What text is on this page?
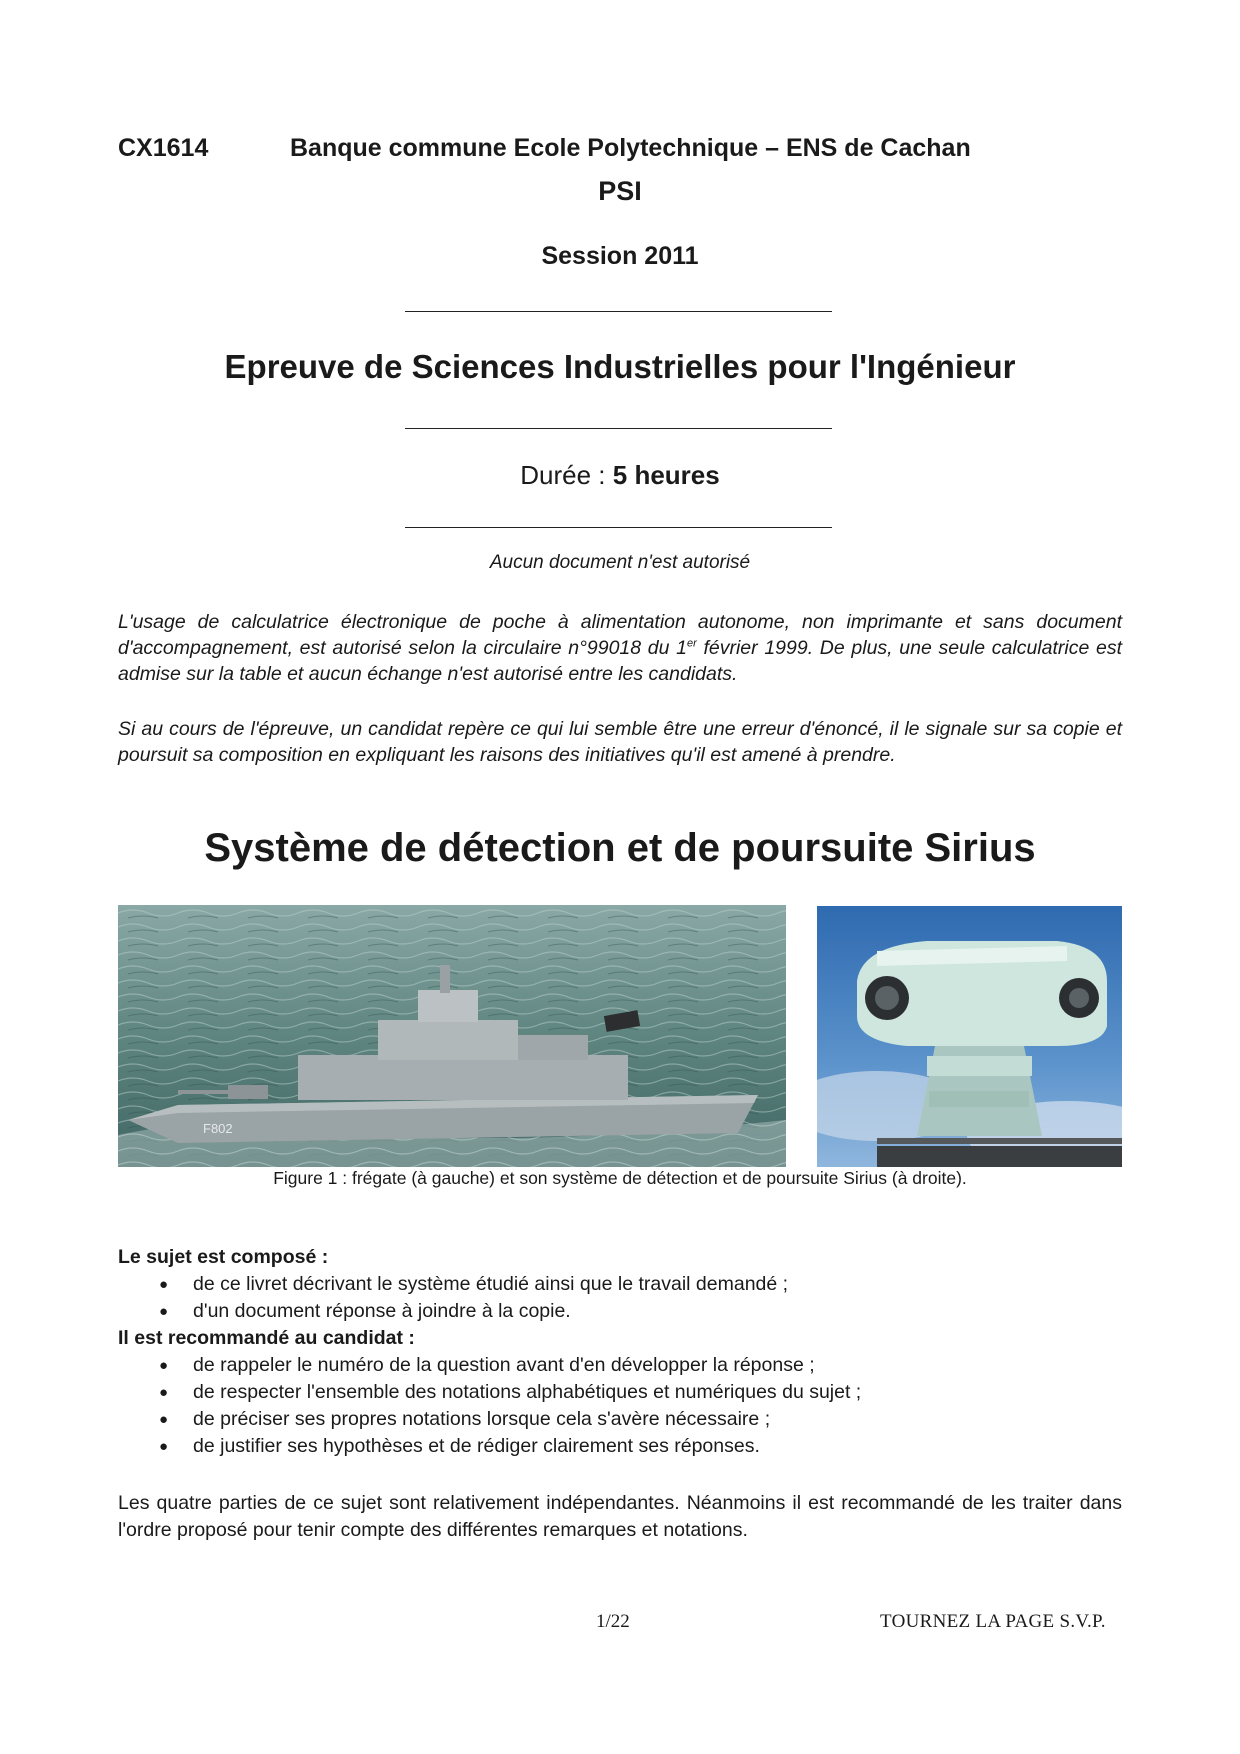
CX1614	Banque commune Ecole Polytechnique – ENS de Cachan
PSI
Session 2011
Epreuve de Sciences Industrielles pour l'Ingénieur
Durée : 5 heures
Aucun document n'est autorisé
L'usage de calculatrice électronique de poche à alimentation autonome, non imprimante et sans document d'accompagnement, est autorisé selon la circulaire n°99018 du 1er février 1999. De plus, une seule calculatrice est admise sur la table et aucun échange n'est autorisé entre les candidats.
Si au cours de l'épreuve, un candidat repère ce qui lui semble être une erreur d'énoncé, il le signale sur sa copie et poursuit sa composition en expliquant les raisons des initiatives qu'il est amené à prendre.
Système de détection et de poursuite Sirius
F802
Figure 1 : frégate (à gauche) et son système de détection et de poursuite Sirius (à droite).
Le sujet est composé :
● de ce livret décrivant le système étudié ainsi que le travail demandé ;
● d'un document réponse à joindre à la copie.
Il est recommandé au candidat :
● de rappeler le numéro de la question avant d'en développer la réponse ;
● de respecter l'ensemble des notations alphabétiques et numériques du sujet ;
● de préciser ses propres notations lorsque cela s'avère nécessaire ;
● de justifier ses hypothèses et de rédiger clairement ses réponses.
Les quatre parties de ce sujet sont relativement indépendantes. Néanmoins il est recommandé de les traiter dans l'ordre proposé pour tenir compte des différentes remarques et notations.
1/22	TOURNEZ LA PAGE S.V.P.
